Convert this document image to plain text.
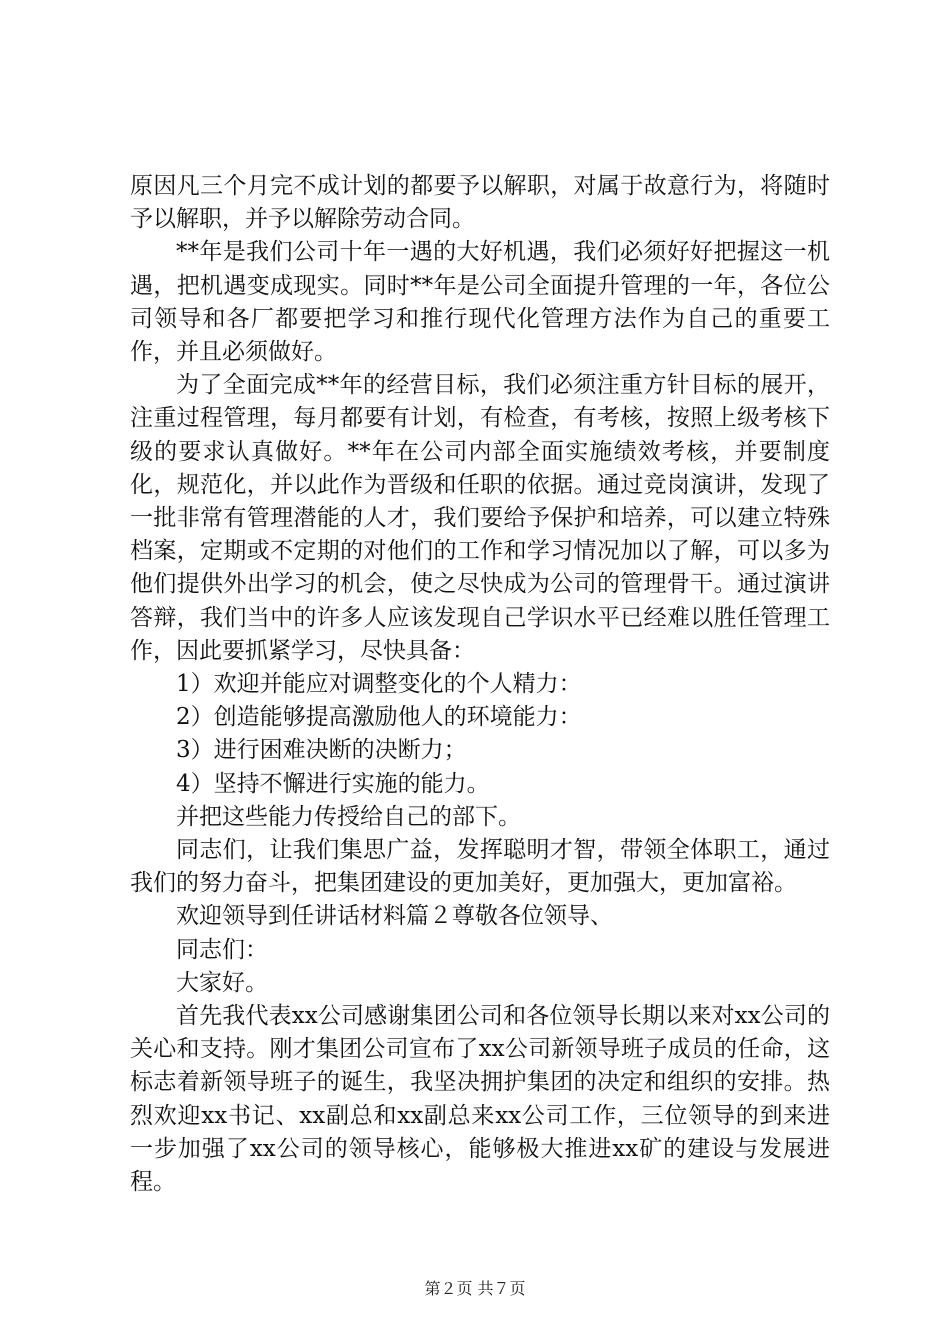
原因凡三个月完不成计划的都要予以解职，对属于故意行为，将随时予以解职，并予以解除劳动合同。

**年是我们公司十年一遇的大好机遇，我们必须好好把握这一机遇，把机遇变成现实。同时**年是公司全面提升管理的一年，各位公司领导和各厂都要把学习和推行现代化管理方法作为自己的重要工作，并且必须做好。

为了全面完成**年的经营目标，我们必须注重方针目标的展开，注重过程管理，每月都要有计划，有检查，有考核，按照上级考核下级的要求认真做好。**年在公司内部全面实施绩效考核，并要制度化，规范化，并以此作为晋级和任职的依据。通过竞岗演讲，发现了一批非常有管理潜能的人才，我们要给予保护和培养，可以建立特殊档案，定期或不定期的对他们的工作和学习情况加以了解，可以多为他们提供外出学习的机会，使之尽快成为公司的管理骨干。通过演讲答辩，我们当中的许多人应该发现自己学识水平已经难以胜任管理工作，因此要抓紧学习，尽快具备：

1）欢迎并能应对调整变化的个人精力：

2）创造能够提高激励他人的环境能力：

3）进行困难决断的决断力；

4）坚持不懈进行实施的能力。

并把这些能力传授给自己的部下。

同志们，让我们集思广益，发挥聪明才智，带领全体职工，通过我们的努力奋斗，把集团建设的更加美好，更加强大，更加富裕。

欢迎领导到任讲话材料篇２尊敬各位领导、

同志们：

大家好。

首先我代表xx公司感谢集团公司和各位领导长期以来对xx公司的关心和支持。刚才集团公司宣布了xx公司新领导班子成员的任命，这标志着新领导班子的诞生，我坚决拥护集团的决定和组织的安排。热烈欢迎xx书记、xx副总和xx副总来xx公司工作，三位领导的到来进一步加强了xx公司的领导核心，能够极大推进xx矿的建设与发展进程。

第２页 共７页
